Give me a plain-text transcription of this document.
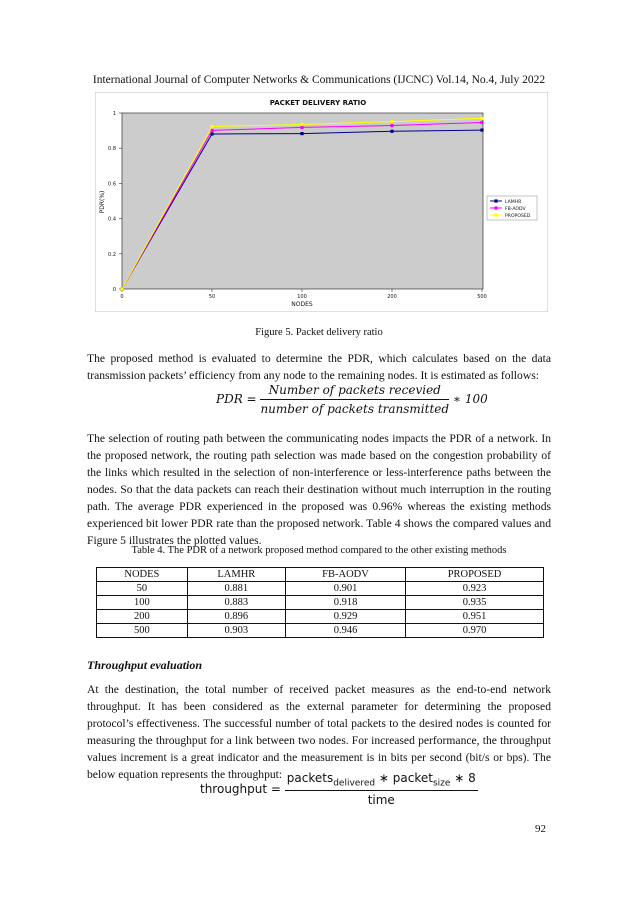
International Journal of Computer Networks & Communications (IJCNC) Vol.14, No.4, July 2022
PACKET DELIVERY RATIO
NODES
PDR(%)
0
0.2
0.4
0.6
0.8
1
0	50	100	200	500
LAMHR
FB-AODV
PROPOSED
Figure 5. Packet delivery ratio
The proposed method is evaluated to determine the PDR, which calculates based on the data transmission packets’ efficiency from any node to the remaining nodes. It is estimated as follows:
PDR = $\frac{\text{Number of packets recevied}}{\text{number of packets transmitted}}$ ∗ 100
The selection of routing path between the communicating nodes impacts the PDR of a network. In the proposed network, the routing path selection was made based on the congestion probability of the links which resulted in the selection of non-interference or less-interference paths between the nodes. So that the data packets can reach their destination without much interruption in the routing path. The average PDR experienced in the proposed was 0.96% whereas the existing methods experienced bit lower PDR rate than the proposed network. Table 4 shows the compared values and Figure 5 illustrates the plotted values.
Table 4. The PDR of a network proposed method compared to the other existing methods
NODES	LAMHR	FB-AODV	PROPOSED
50	0.881	0.901	0.923
100	0.883	0.918	0.935
200	0.896	0.929	0.951
500	0.903	0.946	0.970
Throughput evaluation
At the destination, the total number of received packet measures as the end-to-end network throughput. It has been considered as the external parameter for determining the proposed protocol’s effectiveness. The successful number of total packets to the desired nodes is counted for measuring the throughput for a link between two nodes. For increased performance, the throughput values increment is a great indicator and the measurement is in bits per second (bit/s or bps). The below equation represents the throughput:
throughput =
packets$_{delivered}$ ∗ packet$_{size}$ ∗ 8
time
92
